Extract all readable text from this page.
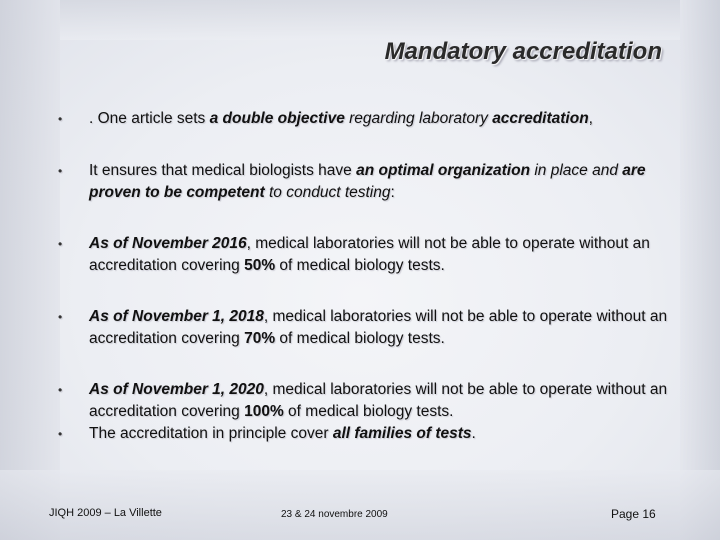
Mandatory accreditation
• . One article sets a double objective regarding laboratory accreditation,
• It ensures that medical biologists have an optimal organization in place and are proven to be competent to conduct testing:
• As of November 2016, medical laboratories will not be able to operate without an accreditation covering 50% of medical biology tests.
• As of November 1, 2018, medical laboratories will not be able to operate without an accreditation covering 70% of medical biology tests.
• As of November 1, 2020, medical laboratories will not be able to operate without an accreditation covering 100% of medical biology tests.
• The accreditation in principle cover all families of tests.
JIQH 2009 – La Villette	23 & 24 novembre 2009	Page 16
